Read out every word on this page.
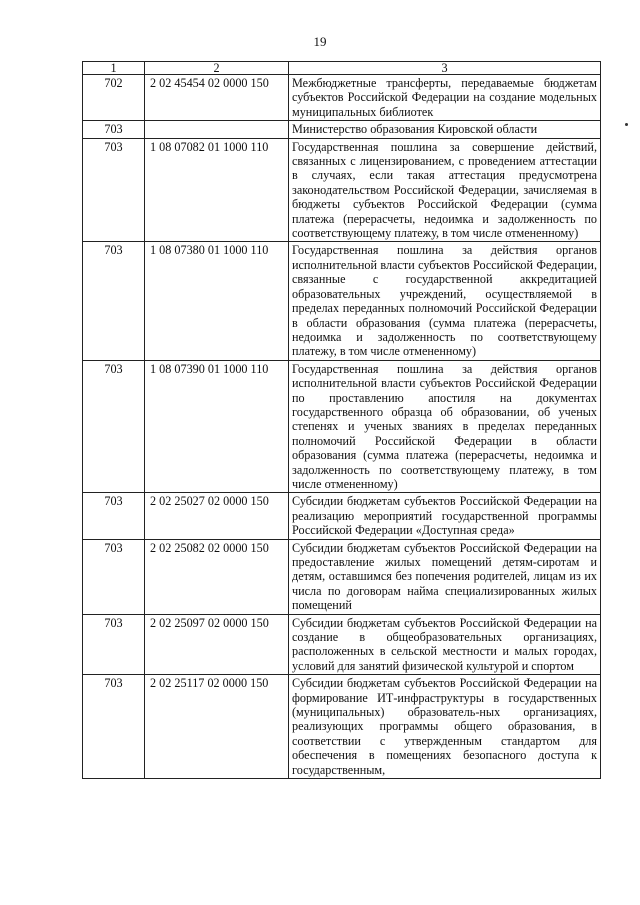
19
1	2	3
702	2 02 45454 02 0000 150	Межбюджетные трансферты, передаваемые бюджетам субъектов Российской Федерации на создание модельных муниципальных библиотек
703		Министерство образования Кировской области
703	1 08 07082 01 1000 110	Государственная пошлина за совершение действий, связанных с лицензированием, с проведением аттестации в случаях, если такая аттестация предусмотрена законодательством Российской Федерации, зачисляемая в бюджеты субъектов Российской Федерации (сумма платежа (перерасчеты, недоимка и задолженность по соответствующему платежу, в том числе отмененному)
703	1 08 07380 01 1000 110	Государственная пошлина за действия органов исполнительной власти субъектов Российской Федерации, связанные с государственной аккредитацией образовательных учреждений, осуществляемой в пределах переданных полномочий Российской Федерации в области образования (сумма платежа (перерасчеты, недоимка и задолженность по соответствующему платежу, в том числе отмененному)
703	1 08 07390 01 1000 110	Государственная пошлина за действия органов исполнительной власти субъектов Российской Федерации по проставлению апостиля на документах государственного образца об образовании, об ученых степенях и ученых званиях в пределах переданных полномочий Российской Федерации в области образования (сумма платежа (перерасчеты, недоимка и задолженность по соответствующему платежу, в том числе отмененному)
703	2 02 25027 02 0000 150	Субсидии бюджетам субъектов Российской Федерации на реализацию мероприятий государственной программы Российской Федерации «Доступная среда»
703	2 02 25082 02 0000 150	Субсидии бюджетам субъектов Российской Федерации на предоставление жилых помещений детям-сиротам и детям, оставшимся без попечения родителей, лицам из их числа по договорам найма специализированных жилых помещений
703	2 02 25097 02 0000 150	Субсидии бюджетам субъектов Российской Федерации на создание в общеобразовательных организациях, расположенных в сельской местности и малых городах, условий для занятий физической культурой и спортом
703	2 02 25117 02 0000 150	Субсидии бюджетам субъектов Российской Федерации на формирование ИТ-инфраструктуры в государственных (муниципальных) образователь-ных организациях, реализующих программы общего образования, в соответствии с утвержденным стандартом для обеспечения в помещениях безопасного доступа к государственным,
